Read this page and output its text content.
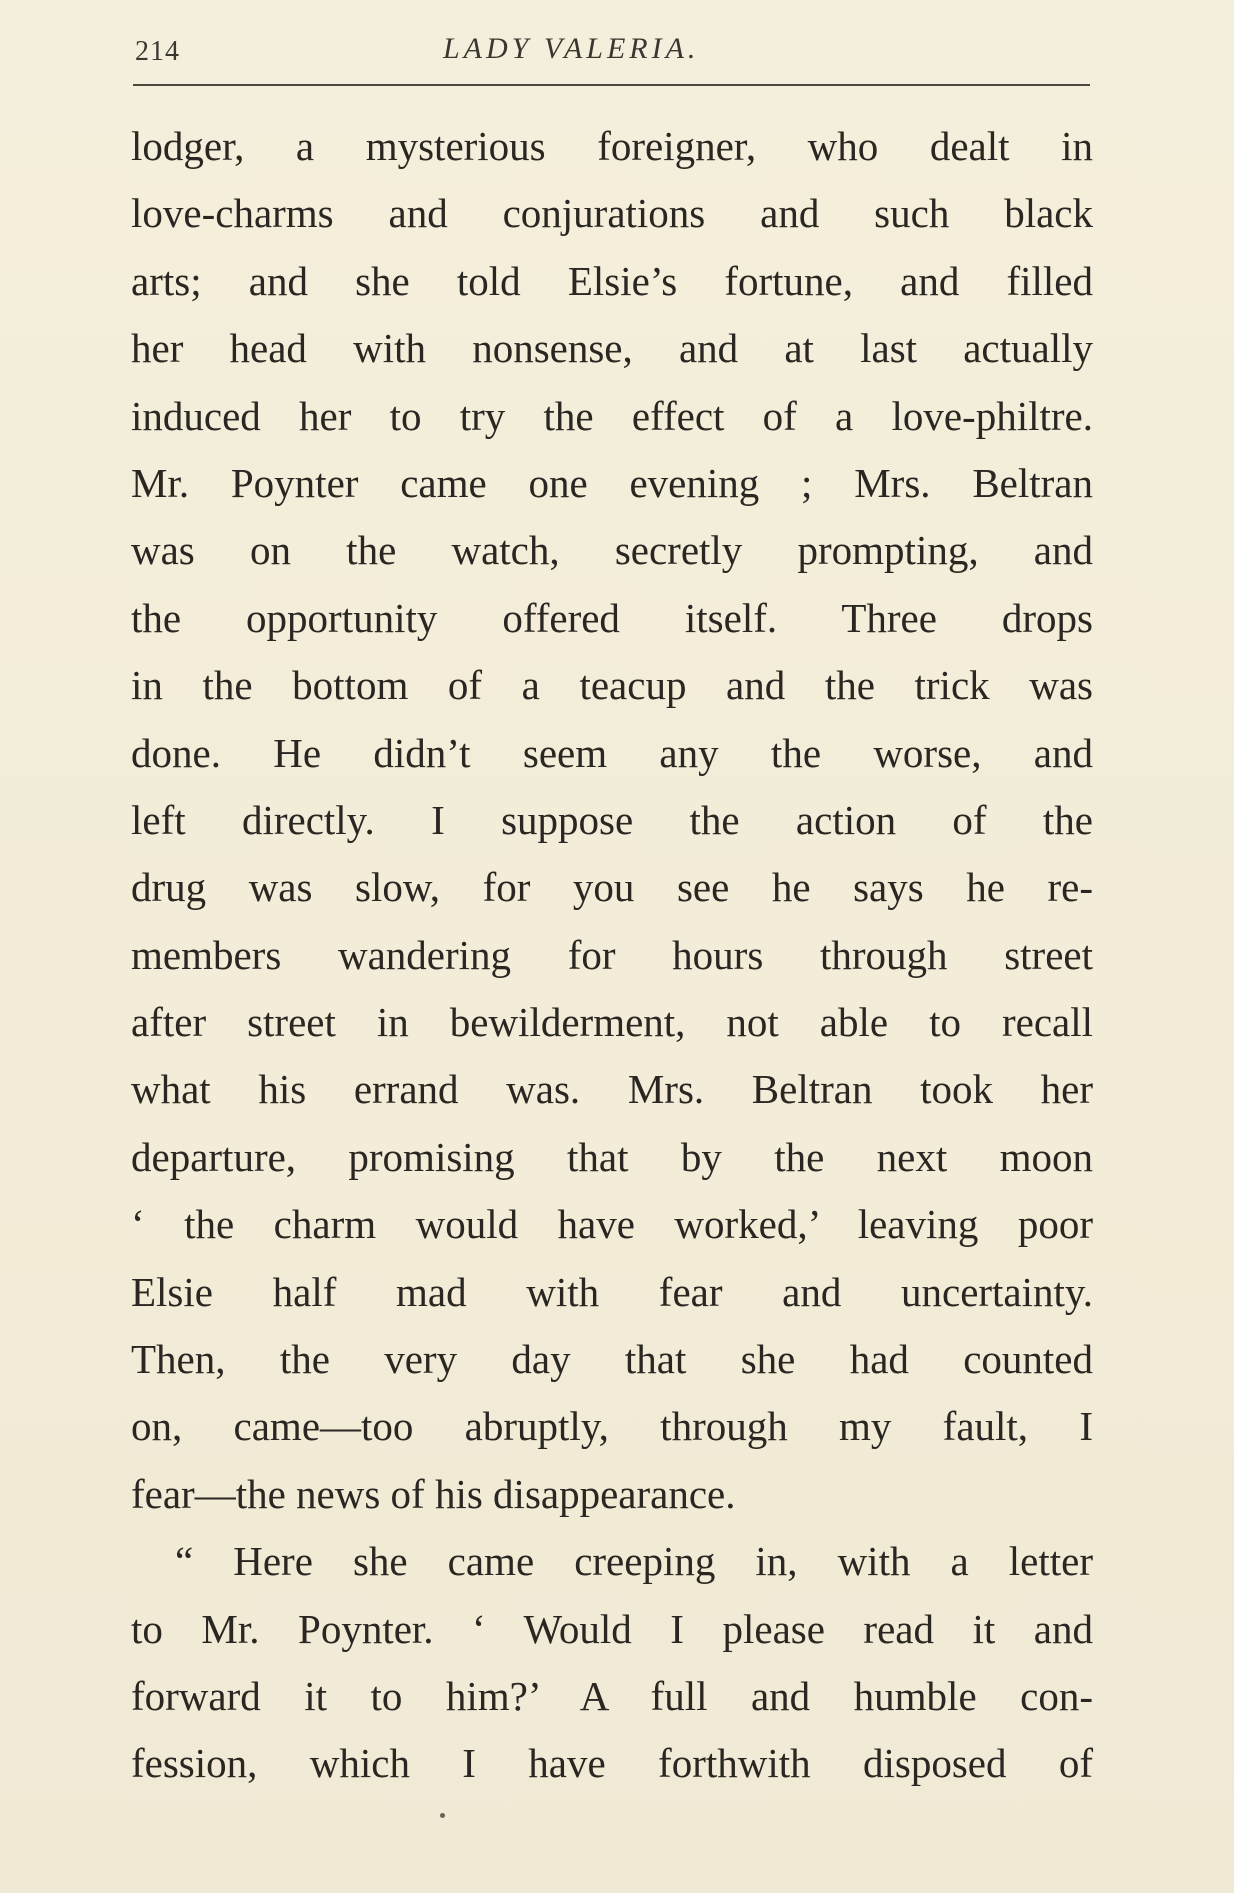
214	LADY VALERIA.
lodger, a mysterious foreigner, who dealt in
love-charms and conjurations and such black
arts; and she told Elsie’s fortune, and filled
her head with nonsense, and at last actually
induced her to try the effect of a love-philtre.
Mr. Poynter came one evening ; Mrs. Beltran
was on the watch, secretly prompting, and
the opportunity offered itself. Three drops
in the bottom of a teacup and the trick was
done. He didn’t seem any the worse, and
left directly. I suppose the action of the
drug was slow, for you see he says he re-
members wandering for hours through street
after street in bewilderment, not able to recall
what his errand was. Mrs. Beltran took her
departure, promising that by the next moon
‘ the charm would have worked,’ leaving poor
Elsie half mad with fear and uncertainty.
Then, the very day that she had counted
on, came—too abruptly, through my fault, I
fear—the news of his disappearance.
“ Here she came creeping in, with a letter
to Mr. Poynter. ‘ Would I please read it and
forward it to him?’ A full and humble con-
fession, which I have forthwith disposed of
